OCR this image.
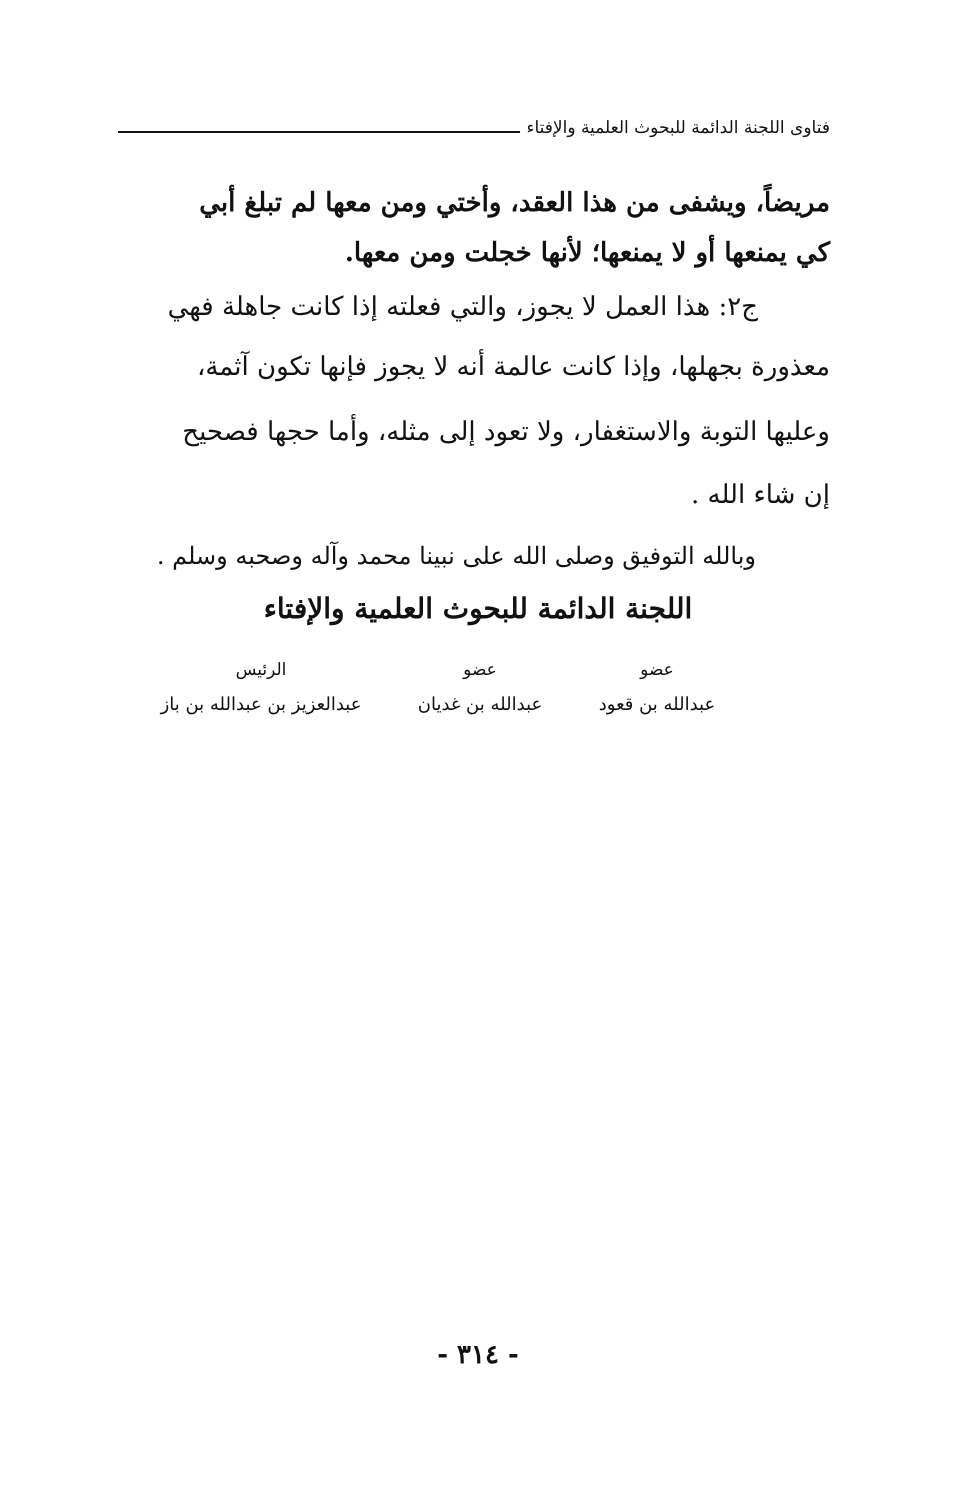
فتاوى اللجنة الدائمة للبحوث العلمية والإفتاء
مريضاً، ويشفى من هذا العقد، وأختي ومن معها لم تبلغ أبي
كي يمنعها أو لا يمنعها؛ لأنها خجلت ومن معها.
ج٢: هذا العمل لا يجوز، والتي فعلته إذا كانت جاهلة فهي
معذورة بجهلها، وإذا كانت عالمة أنه لا يجوز فإنها تكون آثمة،
وعليها التوبة والاستغفار، ولا تعود إلى مثله، وأما حجها فصحيح
إن شاء الله .
وبالله التوفيق وصلى الله على نبينا محمد وآله وصحبه وسلم .
اللجنة الدائمة للبحوث العلمية والإفتاء
عضو
عبدالله بن قعود
عضو
عبدالله بن غديان
الرئيس
عبدالعزيز بن عبدالله بن باز
- ٣١٤ -
